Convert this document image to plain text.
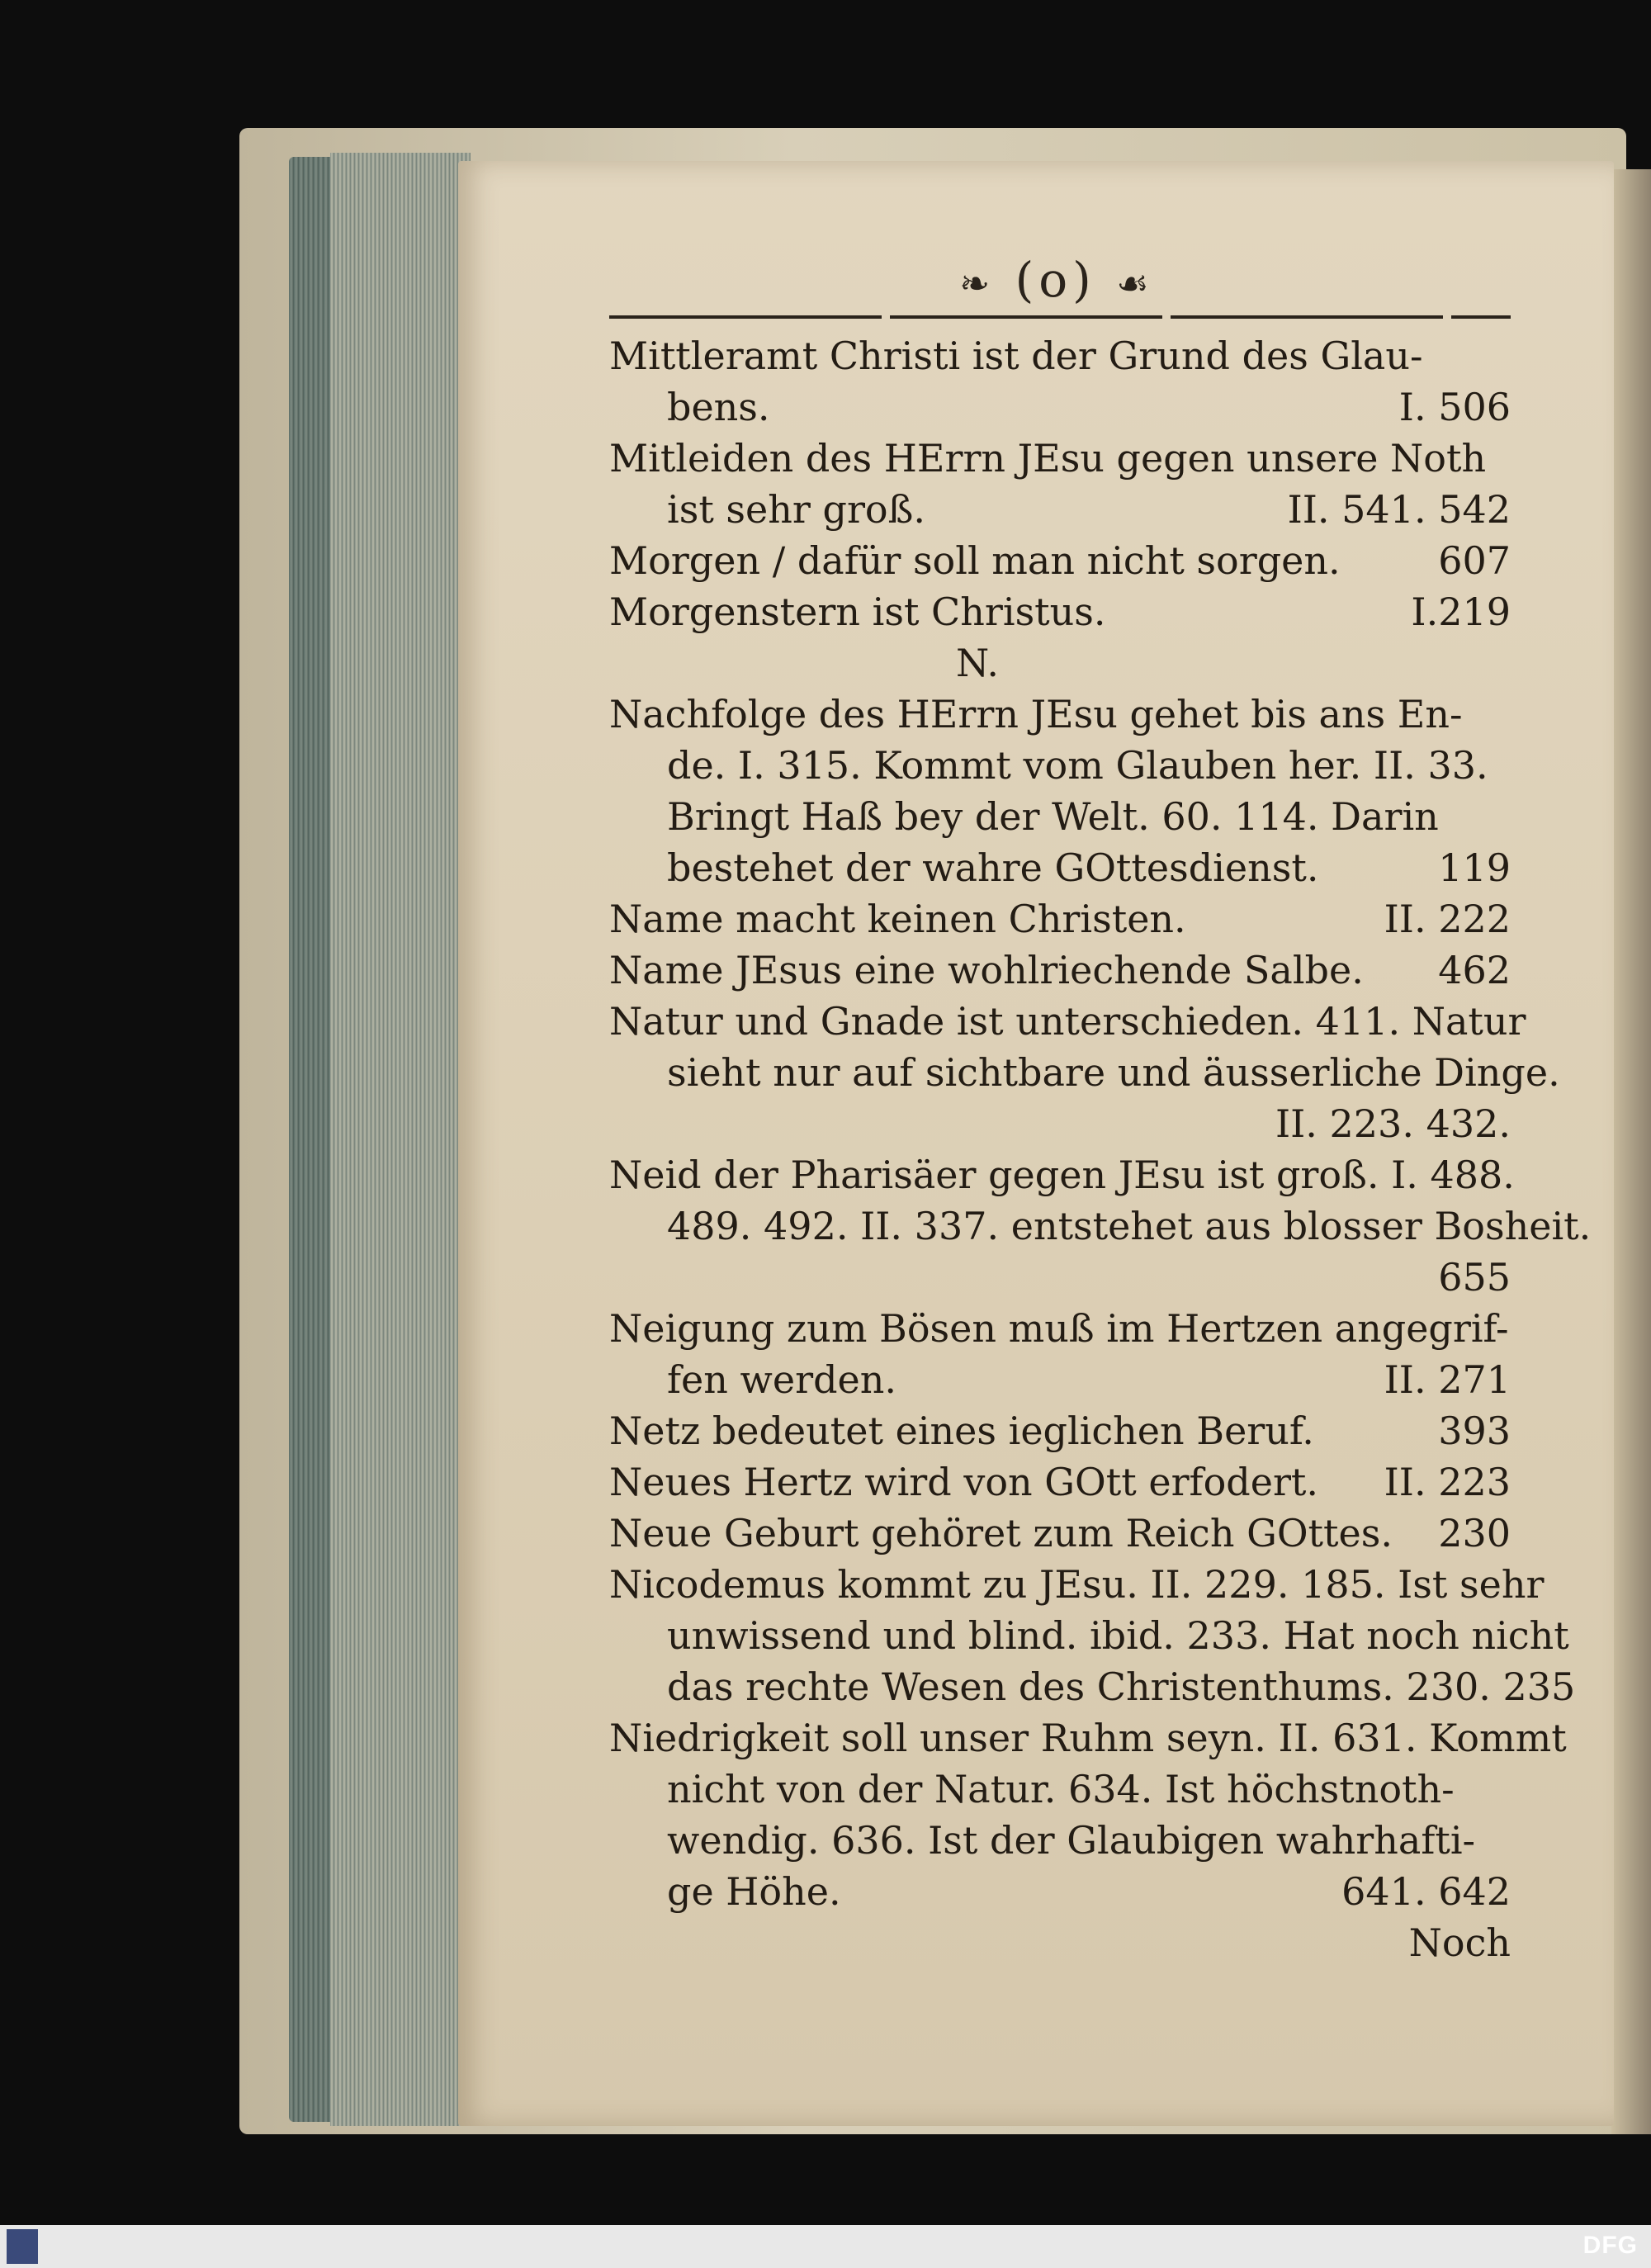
❧ (o) ☙
Mittleramt Christi ist der Grund des Glau-
bens.	I. 506
Mitleiden des HErrn JEsu gegen unsere Noth
ist sehr groß.	II. 541. 542
Morgen / dafür soll man nicht sorgen.	607
Morgenstern ist Christus.	I.219
N.
Nachfolge des HErrn JEsu gehet bis ans En-
de. I. 315. Kommt vom Glauben her. II. 33.
Bringt Haß bey der Welt. 60. 114. Darin
bestehet der wahre GOttesdienst.	119
Name macht keinen Christen.	II. 222
Name JEsus eine wohlriechende Salbe. 462
Natur und Gnade ist unterschieden. 411. Natur
sieht nur auf sichtbare und äusserliche Dinge.
II. 223. 432.
Neid der Pharisäer gegen JEsu ist groß. I. 488.
489. 492. II. 337. entstehet aus blosser Bosheit.
655
Neigung zum Bösen muß im Hertzen angegrif-
fen werden.	II. 271
Netz bedeutet eines ieglichen Beruf.	393
Neues Hertz wird von GOtt erfodert. II. 223
Neue Geburt gehöret zum Reich GOttes. 230
Nicodemus kommt zu JEsu. II. 229. 185. Ist sehr
unwissend und blind. ibid. 233. Hat noch nicht
das rechte Wesen des Christenthums. 230. 235
Niedrigkeit soll unser Ruhm seyn. II. 631. Kommt
nicht von der Natur. 634. Ist höchstnoth-
wendig. 636. Ist der Glaubigen wahrhafti-
ge Höhe.	641. 642
Noch
DFG
